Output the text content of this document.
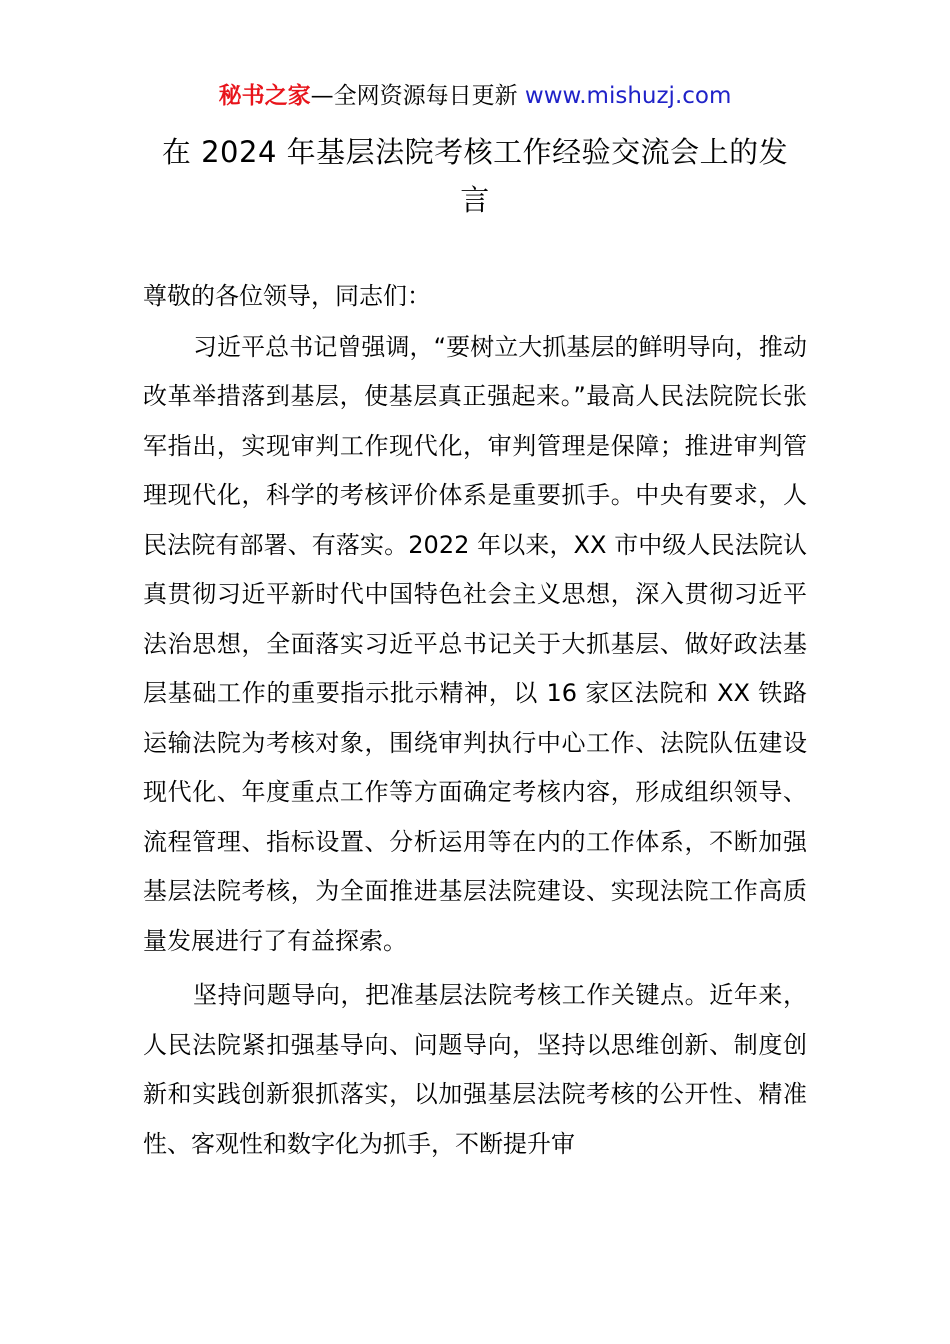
秘书之家—全网资源每日更新 www.mishuzj.com
在 2024 年基层法院考核工作经验交流会上的发言

尊敬的各位领导，同志们：

习近平总书记曾强调，“要树立大抓基层的鲜明导向，推动改革举措落到基层，使基层真正强起来。”最高人民法院院长张军指出，实现审判工作现代化，审判管理是保障；推进审判管理现代化，科学的考核评价体系是重要抓手。中央有要求，人民法院有部署、有落实。2022 年以来，XX 市中级人民法院认真贯彻习近平新时代中国特色社会主义思想，深入贯彻习近平法治思想，全面落实习近平总书记关于大抓基层、做好政法基层基础工作的重要指示批示精神，以 16 家区法院和 XX 铁路运输法院为考核对象，围绕审判执行中心工作、法院队伍建设现代化、年度重点工作等方面确定考核内容，形成组织领导、流程管理、指标设置、分析运用等在内的工作体系，不断加强基层法院考核，为全面推进基层法院建设、实现法院工作高质量发展进行了有益探索。

坚持问题导向，把准基层法院考核工作关键点。近年来，人民法院紧扣强基导向、问题导向，坚持以思维创新、制度创新和实践创新狠抓落实，以加强基层法院考核的公开性、精准性、客观性和数字化为抓手，不断提升审
